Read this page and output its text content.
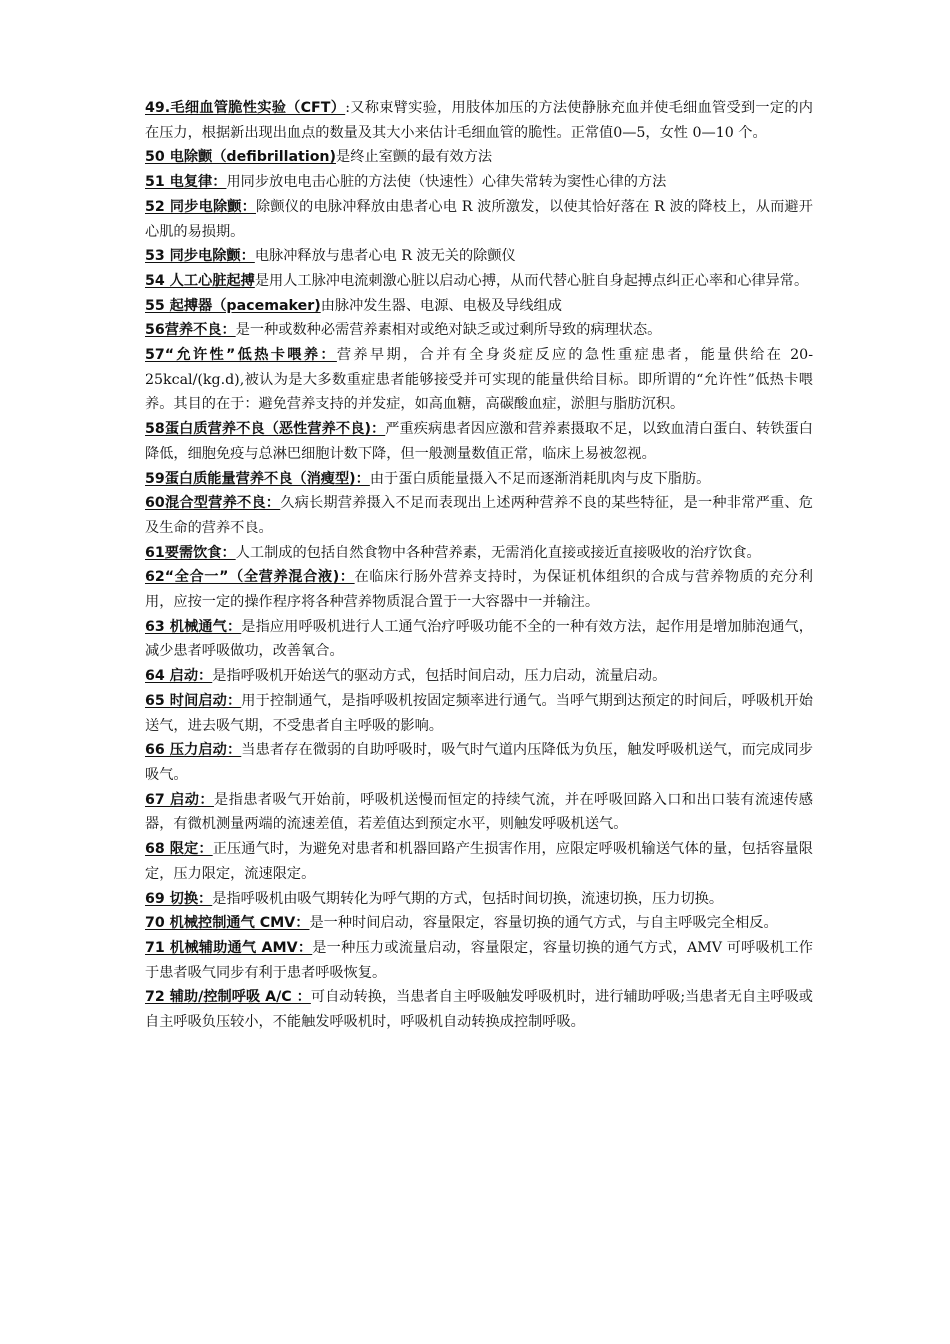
49.毛细血管脆性实验（CFT）:又称束臂实验，用肢体加压的方法使静脉充血并使毛细血管受到一定的内在压力，根据新出现出血点的数量及其大小来估计毛细血管的脆性。正常值0—5，女性 0—10 个。

50 电除颤（defibrillation)是终止室颤的最有效方法

51 电复律：用同步放电电击心脏的方法使（快速性）心律失常转为窦性心律的方法

52 同步电除颤：除颤仪的电脉冲释放由患者心电 R 波所激发，以使其恰好落在 R 波的降枝上，从而避开心肌的易损期。

53 同步电除颤：电脉冲释放与患者心电 R 波无关的除颤仪

54 人工心脏起搏是用人工脉冲电流刺激心脏以启动心搏，从而代替心脏自身起搏点纠正心率和心律异常。

55 起搏器（pacemaker)由脉冲发生器、电源、电极及导线组成

56营养不良：是一种或数种必需营养素相对或绝对缺乏或过剩所导致的病理状态。

57“允许性”低热卡喂养：营养早期，合并有全身炎症反应的急性重症患者，能量供给在 20-25kcal/(kg.d),被认为是大多数重症患者能够接受并可实现的能量供给目标。即所谓的“允许性”低热卡喂养。其目的在于：避免营养支持的并发症，如高血糖，高碳酸血症，淤胆与脂肪沉积。

58蛋白质营养不良（恶性营养不良)：严重疾病患者因应激和营养素摄取不足，以致血清白蛋白、转铁蛋白降低，细胞免疫与总淋巴细胞计数下降，但一般测量数值正常，临床上易被忽视。

59蛋白质能量营养不良（消瘦型)：由于蛋白质能量摄入不足而逐渐消耗肌肉与皮下脂肪。

60混合型营养不良：久病长期营养摄入不足而表现出上述两种营养不良的某些特征，是一种非常严重、危及生命的营养不良。

61要需饮食：人工制成的包括自然食物中各种营养素，无需消化直接或接近直接吸收的治疗饮食。

62“全合一”（全营养混合液)：在临床行肠外营养支持时，为保证机体组织的合成与营养物质的充分利用，应按一定的操作程序将各种营养物质混合置于一大容器中一并输注。

63 机械通气：是指应用呼吸机进行人工通气治疗呼吸功能不全的一种有效方法，起作用是增加肺泡通气，减少患者呼吸做功，改善氧合。

64 启动：是指呼吸机开始送气的驱动方式，包括时间启动，压力启动，流量启动。

65 时间启动：用于控制通气，是指呼吸机按固定频率进行通气。当呼气期到达预定的时间后，呼吸机开始送气，进去吸气期，不受患者自主呼吸的影响。

66 压力启动：当患者存在微弱的自助呼吸时，吸气时气道内压降低为负压，触发呼吸机送气，而完成同步吸气。

67 启动：是指患者吸气开始前，呼吸机送慢而恒定的持续气流，并在呼吸回路入口和出口装有流速传感器，有微机测量两端的流速差值，若差值达到预定水平，则触发呼吸机送气。

68 限定：正压通气时，为避免对患者和机器回路产生损害作用，应限定呼吸机输送气体的量，包括容量限定，压力限定，流速限定。

69 切换：是指呼吸机由吸气期转化为呼气期的方式，包括时间切换，流速切换，压力切换。

70 机械控制通气 CMV：是一种时间启动，容量限定，容量切换的通气方式，与自主呼吸完全相反。

71 机械辅助通气 AMV：是一种压力或流量启动，容量限定，容量切换的通气方式，AMV 可呼吸机工作于患者吸气同步有利于患者呼吸恢复。

72 辅助/控制呼吸 A/C ：可自动转换，当患者自主呼吸触发呼吸机时，进行辅助呼吸;当患者无自主呼吸或自主呼吸负压较小，不能触发呼吸机时，呼吸机自动转换成控制呼吸。
